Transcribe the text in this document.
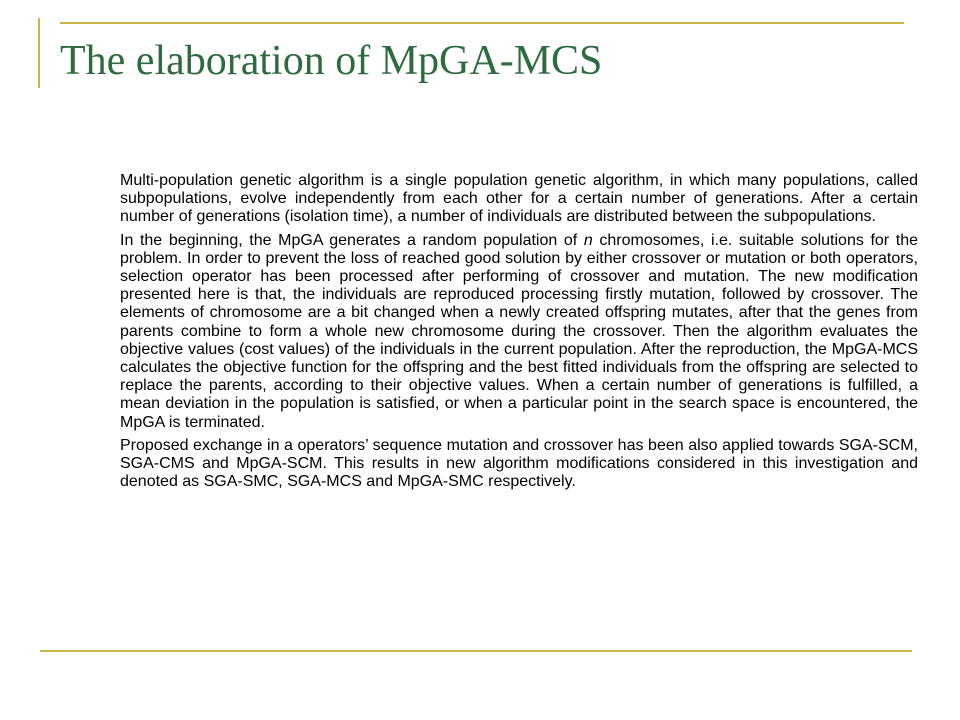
The elaboration of MpGA-MCS

Multi-population genetic algorithm is a single population genetic algorithm, in which many populations, called subpopulations, evolve independently from each other for a certain number of generations. After a certain number of generations (isolation time), a number of individuals are distributed between the subpopulations.

In the beginning, the MpGA generates a random population of n chromosomes, i.e. suitable solutions for the problem. In order to prevent the loss of reached good solution by either crossover or mutation or both operators, selection operator has been processed after performing of crossover and mutation. The new modification presented here is that, the individuals are reproduced processing firstly mutation, followed by crossover. The elements of chromosome are a bit changed when a newly created offspring mutates, after that the genes from parents combine to form a whole new chromosome during the crossover. Then the algorithm evaluates the objective values (cost values) of the individuals in the current population. After the reproduction, the MpGA-MCS calculates the objective function for the offspring and the best fitted individuals from the offspring are selected to replace the parents, according to their objective values. When a certain number of generations is fulfilled, a mean deviation in the population is satisfied, or when a particular point in the search space is encountered, the MpGA is terminated.

Proposed exchange in a operators’ sequence mutation and crossover has been also applied towards SGA-SCM, SGA-CMS and MpGA-SCM. This results in new algorithm modifications considered in this investigation and denoted as SGA-SMC, SGA-MCS and MpGA-SMC respectively.
